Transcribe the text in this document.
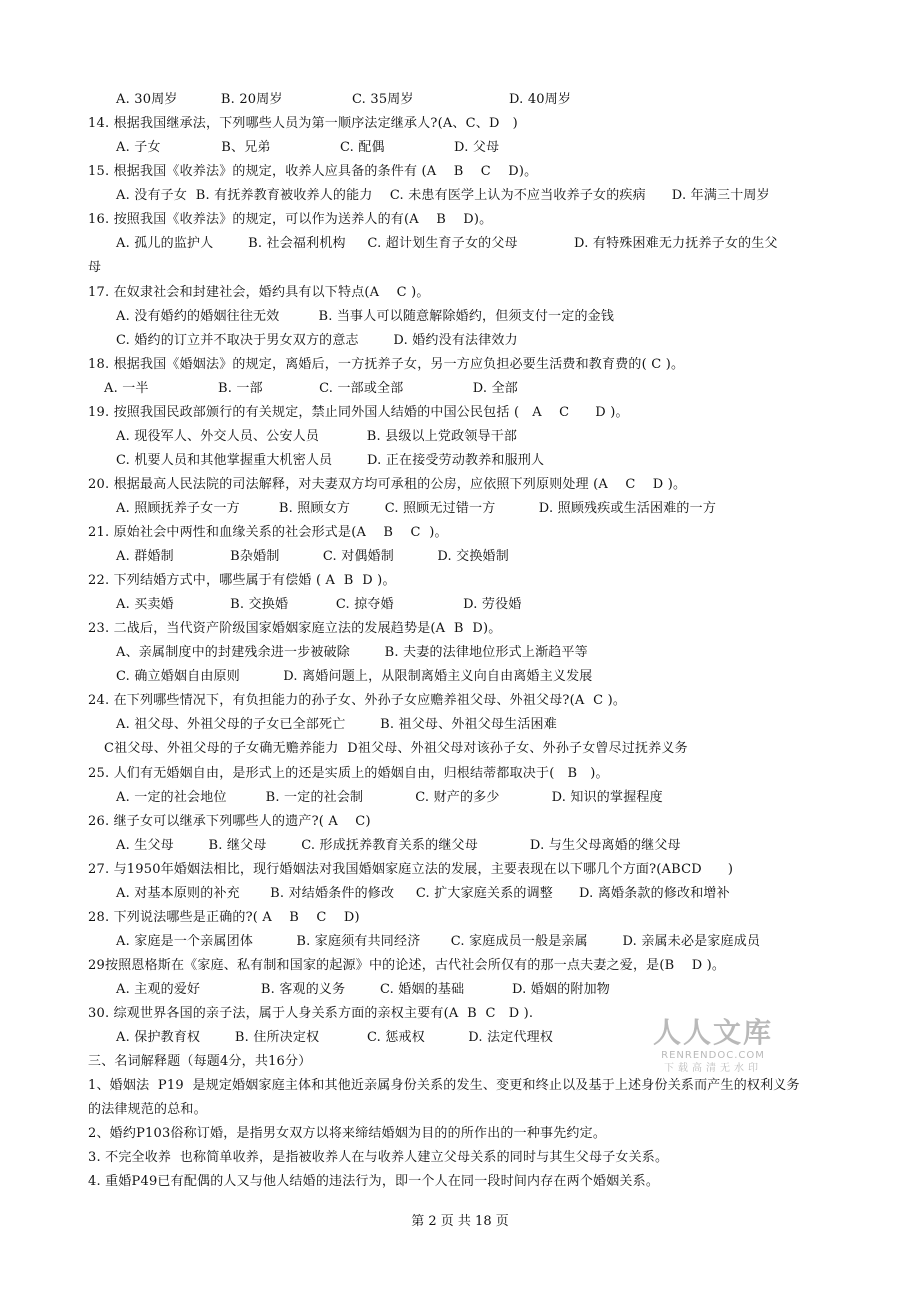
A. 30周岁          B. 20周岁                C. 35周岁                      D. 40周岁
14. 根据我国继承法，下列哪些人员为第一顺序法定继承人?(A、C、D   )
A. 子女              B、兄弟                C. 配偶                D. 父母
15. 根据我国《收养法》的规定，收养人应具备的条件有 (A    B    C    D)。
A. 没有子女  B. 有抚养教育被收养人的能力    C. 未患有医学上认为不应当收养子女的疾病      D. 年满三十周岁
16. 按照我国《收养法》的规定，可以作为送养人的有(A    B    D)。
A. 孤儿的监护人        B. 社会福利机构     C. 超计划生育子女的父母             D. 有特殊困难无力抚养子女的生父
母
17. 在奴隶社会和封建社会，婚约具有以下特点(A    C )。
A. 没有婚约的婚姻往往无效         B. 当事人可以随意解除婚约，但须支付一定的金钱
C. 婚约的订立并不取决于男女双方的意志        D. 婚约没有法律效力
18. 根据我国《婚姻法》的规定，离婚后，一方抚养子女，另一方应负担必要生活费和教育费的( C )。
A. 一半                B. 一部             C. 一部或全部                D. 全部
19. 按照我国民政部颁行的有关规定，禁止同外国人结婚的中国公民包括 (   A    C      D )。
A. 现役军人、外交人员、公安人员           B. 县级以上党政领导干部
C. 机要人员和其他掌握重大机密人员        D. 正在接受劳动教养和服刑人
20. 根据最高人民法院的司法解释，对夫妻双方均可承租的公房，应依照下列原则处理 (A    C    D )。
A. 照顾抚养子女一方         B. 照顾女方        C. 照顾无过错一方          D. 照顾残疾或生活困难的一方
21. 原始社会中两性和血缘关系的社会形式是(A    B    C  )。
A. 群婚制             B杂婚制          C. 对偶婚制          D. 交换婚制
22. 下列结婚方式中，哪些属于有偿婚 ( A  B  D )。
A. 买卖婚             B. 交换婚           C. 掠夺婚                D. 劳役婚
23. 二战后，当代资产阶级国家婚姻家庭立法的发展趋势是(A  B  D)。
A、亲属制度中的封建残余进一步被破除        B. 夫妻的法律地位形式上渐趋平等
C. 确立婚姻自由原则          D. 离婚问题上，从限制离婚主义向自由离婚主义发展
24. 在下列哪些情况下，有负担能力的孙子女、外孙子女应赡养祖父母、外祖父母?(A  C )。
A. 祖父母、外祖父母的子女已全部死亡        B. 祖父母、外祖父母生活困难
C祖父母、外祖父母的子女确无赡养能力  D祖父母、外祖父母对该孙子女、外孙子女曾尽过抚养义务
25. 人们有无婚姻自由，是形式上的还是实质上的婚姻自由，归根结蒂都取决于(   B   )。
A. 一定的社会地位         B. 一定的社会制            C. 财产的多少            D. 知识的掌握程度
26. 继子女可以继承下列哪些人的遗产?( A    C)
A. 生父母        B. 继父母        C. 形成抚养教育关系的继父母            D. 与生父母离婚的继父母
27. 与1950年婚姻法相比，现行婚姻法对我国婚姻家庭立法的发展，主要表现在以下哪几个方面?(ABCD      )
A. 对基本原则的补充       B. 对结婚条件的修改     C. 扩大家庭关系的调整      D. 离婚条款的修改和增补
28. 下列说法哪些是正确的?( A    B    C    D)
A. 家庭是一个亲属团体          B. 家庭须有共同经济       C. 家庭成员一般是亲属        D. 亲属未必是家庭成员
29按照恩格斯在《家庭、私有制和国家的起源》中的论述，古代社会所仅有的那一点夫妻之爱，是(B    D )。
A. 主观的爱好              B. 客观的义务        C. 婚姻的基础           D. 婚姻的附加物
30. 综观世界各国的亲子法，属于人身关系方面的亲权主要有(A  B  C   D ).
A. 保护教育权        B. 住所决定权           C. 惩戒权          D. 法定代理权
三、名词解释题（每题4分，共16分）
1、婚姻法  P19  是规定婚姻家庭主体和其他近亲属身份关系的发生、变更和终止以及基于上述身份关系而产生的权利义务
的法律规范的总和。
2、婚约P103俗称订婚，是指男女双方以将来缔结婚姻为目的的所作出的一种事先约定。
3. 不完全收养  也称简单收养，是指被收养人在与收养人建立父母关系的同时与其生父母子女关系。
4. 重婚P49已有配偶的人又与他人结婚的违法行为，即一个人在同一段时间内存在两个婚姻关系。
第 2 页 共 18 页
人人文库
RENRENDOC.COM
下载高清无水印
